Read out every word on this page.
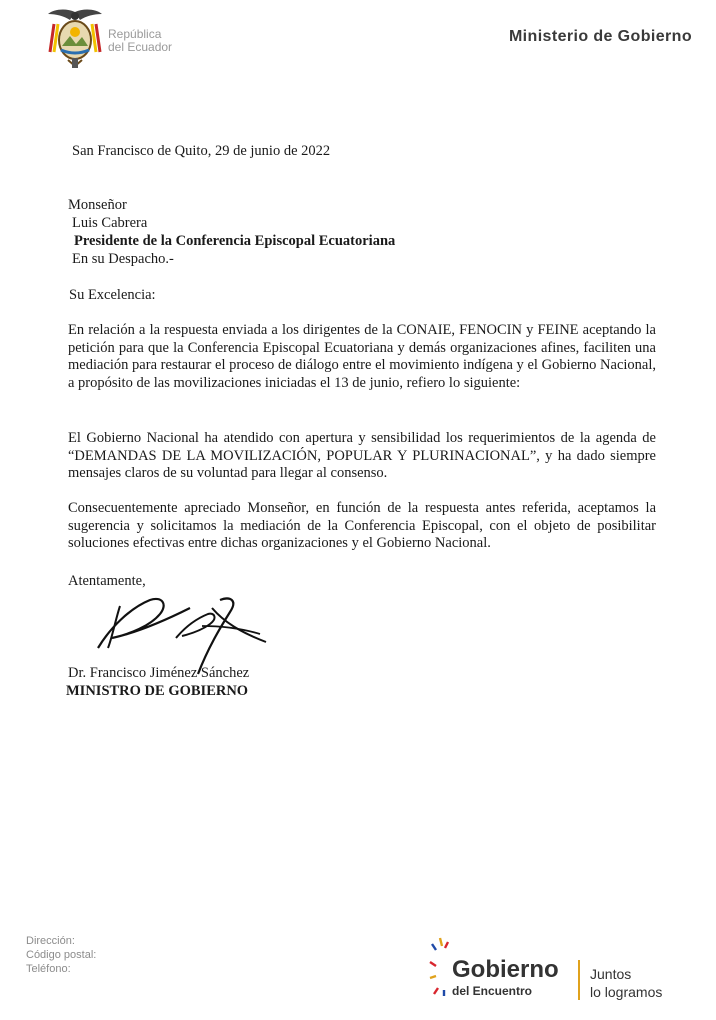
República
del Ecuador
Ministerio de Gobierno
San Francisco de Quito, 29 de junio de 2022
Monseñor
Luis Cabrera
Presidente de la Conferencia Episcopal Ecuatoriana
En su Despacho.-
Su Excelencia:
En relación a la respuesta enviada a los dirigentes de la CONAIE, FENOCIN y FEINE aceptando la petición para que la Conferencia Episcopal Ecuatoriana y demás organizaciones afines, faciliten una mediación para restaurar el proceso de diálogo entre el movimiento indígena y el Gobierno Nacional, a propósito de las movilizaciones iniciadas el 13 de junio, refiero lo siguiente:
El Gobierno Nacional ha atendido con apertura y sensibilidad los requerimientos de la agenda de “DEMANDAS DE LA MOVILIZACIÓN, POPULAR Y PLURINACIONAL”, y ha dado siempre mensajes claros de su voluntad para llegar al consenso.
Consecuentemente apreciado Monseñor, en función de la respuesta antes referida, aceptamos la sugerencia y solicitamos la mediación de la Conferencia Episcopal, con el objeto de posibilitar soluciones efectivas entre dichas organizaciones y el Gobierno Nacional.
Atentamente,
Dr. Francisco Jiménez Sánchez
MINISTRO DE GOBIERNO
Dirección:
Código postal:
Teléfono:	Gobierno
del Encuentro
Juntos
lo logramos
